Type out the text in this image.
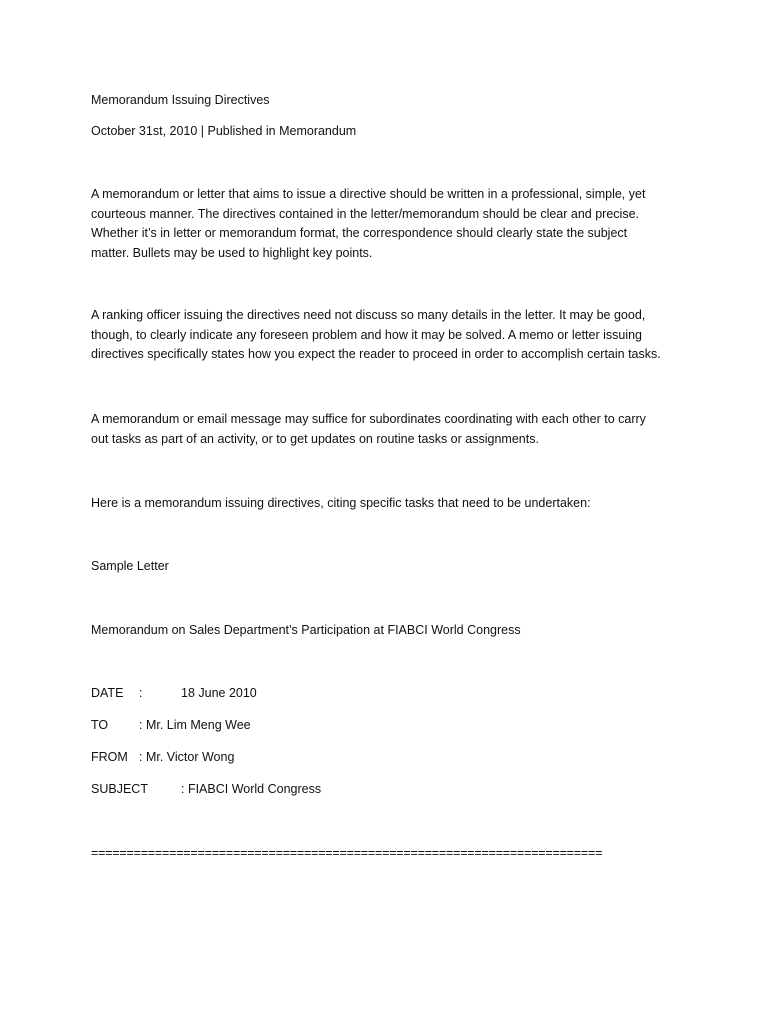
Memorandum Issuing Directives

October 31st, 2010 | Published in Memorandum

A memorandum or letter that aims to issue a directive should be written in a professional, simple, yet
courteous manner. The directives contained in the letter/memorandum should be clear and precise.
Whether it’s in letter or memorandum format, the correspondence should clearly state the subject
matter. Bullets may be used to highlight key points.
A ranking officer issuing the directives need not discuss so many details in the letter. It may be good,
though, to clearly indicate any foreseen problem and how it may be solved. A memo or letter issuing
directives specifically states how you expect the reader to proceed in order to accomplish certain tasks.
A memorandum or email message may suffice for subordinates coordinating with each other to carry
out tasks as part of an activity, or to get updates on routine tasks or assignments.

Here is a memorandum issuing directives, citing specific tasks that need to be undertaken:

Sample Letter

Memorandum on Sales Department’s Participation at FIABCI World Congress

DATE :	18 June 2010
TO : Mr. Lim Meng Wee
FROM : Mr. Victor Wong
SUBJECT	: FIABCI World Congress

========================================================================
